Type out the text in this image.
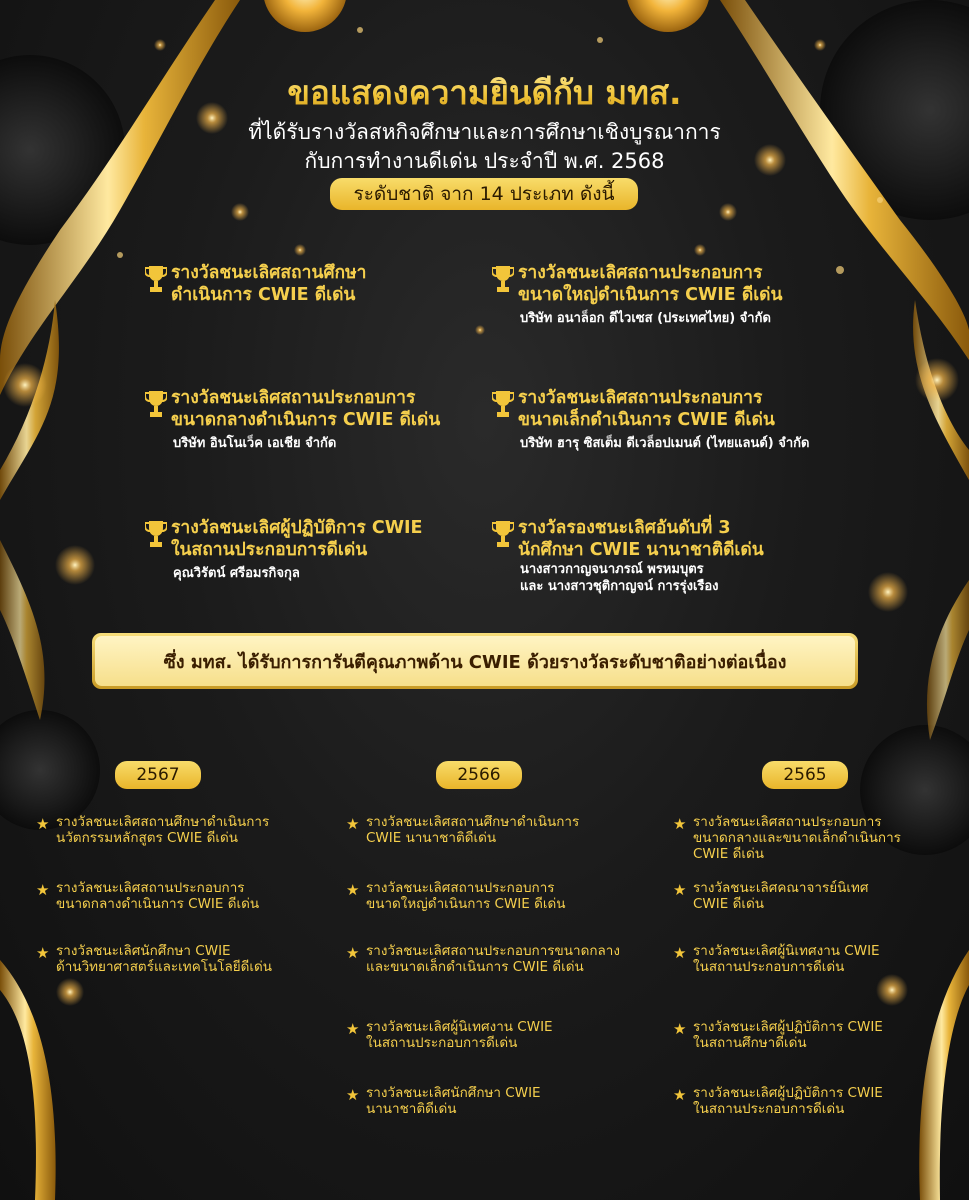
ขอแสดงความยินดีกับ มทส.
ที่ได้รับรางวัลสหกิจศึกษาและการศึกษาเชิงบูรณาการ
กับการทำงานดีเด่น ประจำปี พ.ศ. 2568
ระดับชาติ จาก 14 ประเภท ดังนี้
รางวัลชนะเลิศสถานศึกษา
ดำเนินการ CWIE ดีเด่น
รางวัลชนะเลิศสถานประกอบการ
ขนาดใหญ่ดำเนินการ CWIE ดีเด่น
บริษัท อนาล็อก ดีไวเซส (ประเทศไทย) จำกัด
รางวัลชนะเลิศสถานประกอบการ
ขนาดกลางดำเนินการ CWIE ดีเด่น
บริษัท อินโนเว็ค เอเชีย จำกัด
รางวัลชนะเลิศสถานประกอบการ
ขนาดเล็กดำเนินการ CWIE ดีเด่น
บริษัท ฮารุ ซิสเต็ม ดีเวล็อปเมนต์ (ไทยแลนด์) จำกัด
รางวัลชนะเลิศผู้ปฏิบัติการ CWIE
ในสถานประกอบการดีเด่น
คุณวิรัตน์ ศรีอมรกิจกุล
รางวัลรองชนะเลิศอันดับที่ 3
นักศึกษา CWIE นานาชาติดีเด่น
นางสาวกาญจนาภรณ์ พรหมบุตร
และ นางสาวชุติกาญจน์ การรุ่งเรือง
ซึ่ง มทส. ได้รับการการันตีคุณภาพด้าน CWIE ด้วยรางวัลระดับชาติอย่างต่อเนื่อง
2567	2566	2565
★ รางวัลชนะเลิศสถานศึกษาดำเนินการ
นวัตกรรมหลักสูตร CWIE ดีเด่น
★ รางวัลชนะเลิศสถานประกอบการ
ขนาดกลางดำเนินการ CWIE ดีเด่น
★ รางวัลชนะเลิศนักศึกษา CWIE
ด้านวิทยาศาสตร์และเทคโนโลยีดีเด่น
★ รางวัลชนะเลิศสถานศึกษาดำเนินการ
CWIE นานาชาติดีเด่น
★ รางวัลชนะเลิศสถานประกอบการ
ขนาดใหญ่ดำเนินการ CWIE ดีเด่น
★ รางวัลชนะเลิศสถานประกอบการขนาดกลาง
และขนาดเล็กดำเนินการ CWIE ดีเด่น
★ รางวัลชนะเลิศผู้นิเทศงาน CWIE
ในสถานประกอบการดีเด่น
★ รางวัลชนะเลิศนักศึกษา CWIE
นานาชาติดีเด่น
★ รางวัลชนะเลิศสถานประกอบการ
ขนาดกลางและขนาดเล็กดำเนินการ
CWIE ดีเด่น
★ รางวัลชนะเลิศคณาจารย์นิเทศ
CWIE ดีเด่น
★ รางวัลชนะเลิศผู้นิเทศงาน CWIE
ในสถานประกอบการดีเด่น
★ รางวัลชนะเลิศผู้ปฏิบัติการ CWIE
ในสถานศึกษาดีเด่น
★ รางวัลชนะเลิศผู้ปฏิบัติการ CWIE
ในสถานประกอบการดีเด่น
